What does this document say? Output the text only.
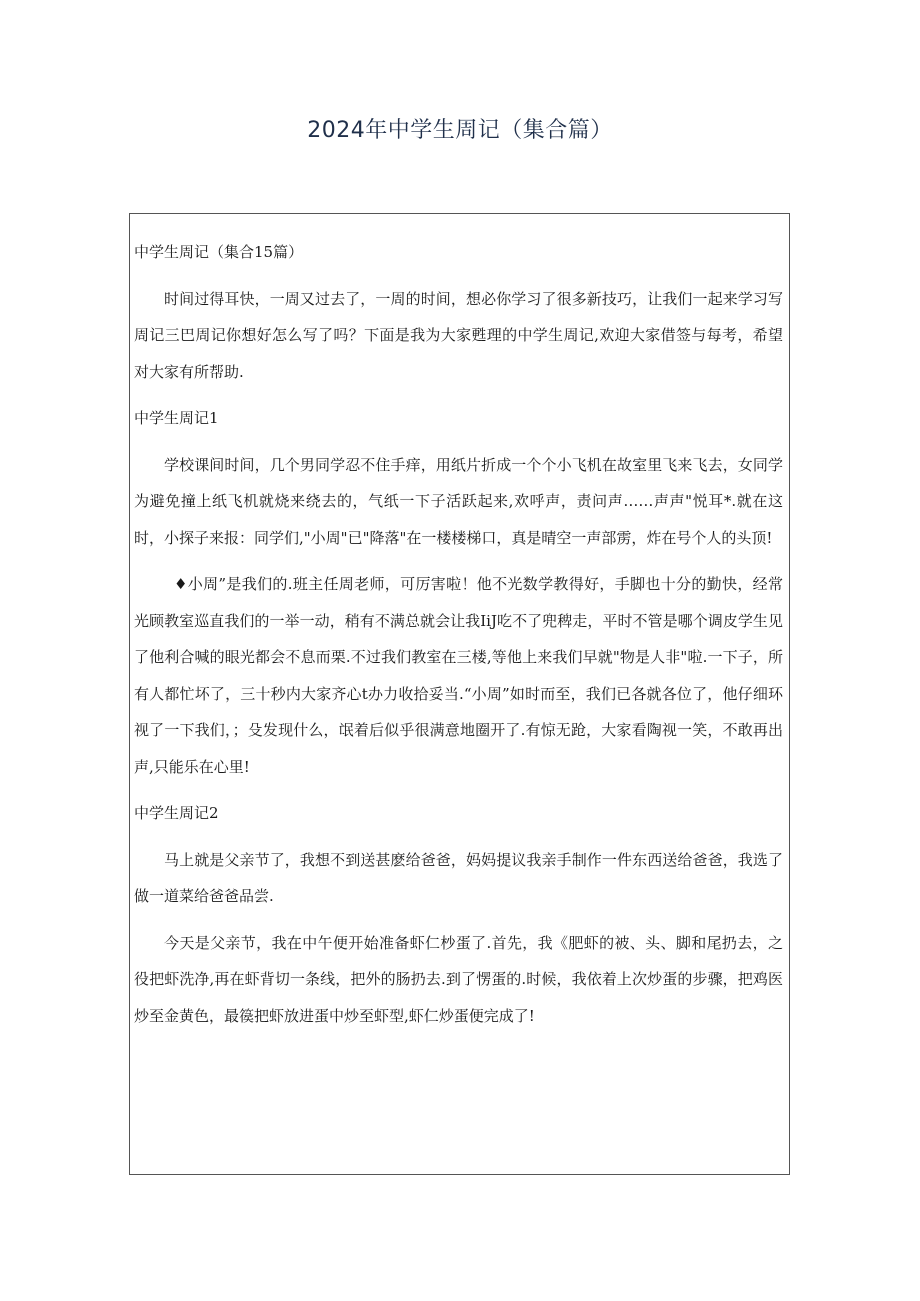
2024年中学生周记（集合篇）

中学生周记（集合15篇）

时间过得耳快，一周又过去了，一周的时间，想必你学习了很多新技巧，让我们一起来学习写周记三巴周记你想好怎么写了吗？下面是我为大家甦理的中学生周记,欢迎大家借签与每考，希望对大家有所帮助.

中学生周记1

学校课间时间，几个男同学忍不住手痒，用纸片折成一个个小飞机在故室里飞来飞去，女同学为避免撞上纸飞机就烧来绕去的，气纸一下子活跃起来,欢呼声，责问声……声声"悦耳*.就在这时，小探子来报：同学们,"小周"已"降落"在一楼楼梯口，真是晴空一声部雳，炸在号个人的头顶!

♦小周”是我们的.班主任周老师，可厉害啦！他不光数学教得好，手脚也十分的勤快，经常光顾教室巡直我们的一举一动，稍有不满总就会让我IiJ吃不了兜稗走，平时不管是哪个调皮学生见了他利合喊的眼光都会不息而栗.不过我们教室在三楼,等他上来我们早就"物是人非"啦.一下子，所有人都忙坏了，三十秒内大家齐心t办力收拾妥当.“小周”如时而至，我们已各就各位了，他仔细环视了一下我们，；殳发现什么，氓着后似乎很满意地圈开了.有惊无跄，大家看陶视一笑，不敢再出声,只能乐在心里!

中学生周记2

马上就是父亲节了，我想不到送甚麽给爸爸，妈妈提议我亲手制作一件东西送给爸爸，我选了做一道菜给爸爸品尝.

今天是父亲节，我在中午便开始准备虾仁杪蛋了.首先，我《肥虾的被、头、脚和尾扔去，之役把虾洗净,再在虾背切一条线，把外的肠扔去.到了愣蛋的.时候，我依着上次炒蛋的步骤，把鸡医炒至金黄色，最篌把虾放进蛋中炒至虾型,虾仁炒蛋便完成了!
